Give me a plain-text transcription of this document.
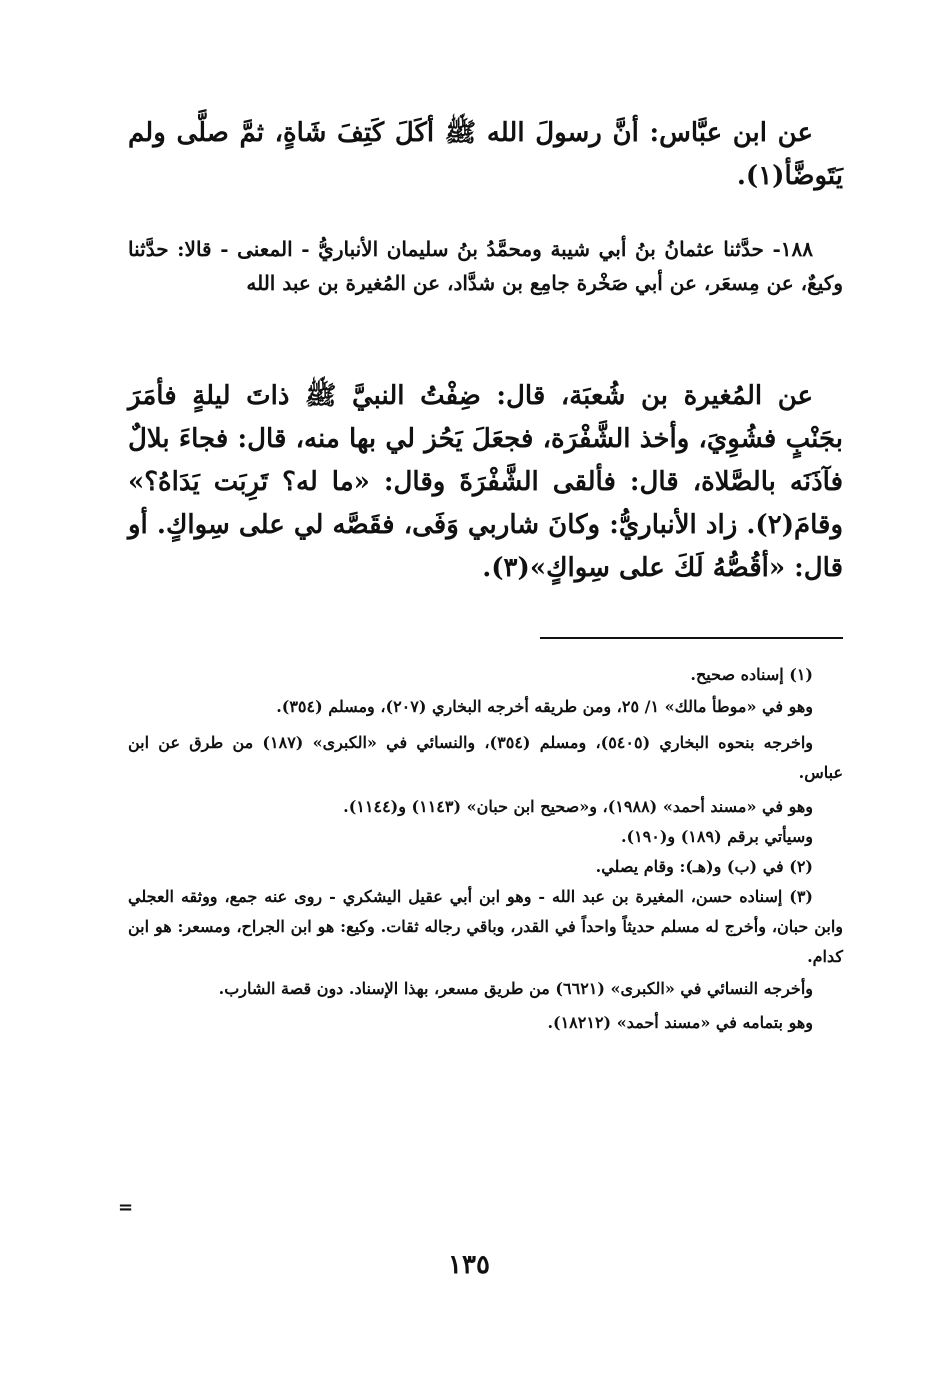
عن ابن عبَّاس: أنَّ رسولَ الله ﷺ أكَلَ كَتِفَ شَاةٍ، ثمَّ صلَّى ولم يَتَوضَّأ(١).

١٨٨- حدَّثنا عثمانُ بنُ أبي شيبة ومحمَّدُ بنُ سليمان الأنباريُّ - المعنى - قالا: حدَّثنا وكيعٌ، عن مِسعَر، عن أبي صَخْرة جامِع بن شدَّاد، عن المُغيرة بن عبد الله

عن المُغيرة بن شُعبَة، قال: ضِفْتُ النبيَّ ﷺ ذاتَ ليلةٍ فأمَرَ بجَنْبٍ فشُوِيَ، وأخذ الشَّفْرَة، فجعَلَ يَحُز لي بها منه، قال: فجاءَ بلالٌ فآذَنَه بالصَّلاة، قال: فألقى الشَّفْرَةَ وقال: «ما له؟ تَرِبَت يَدَاهُ؟» وقامَ(٢). زاد الأنباريُّ: وكانَ شاربي وَفَى، فقَصَّه لي على سِواكٍ. أو قال: «أقُصُّهُ لَكَ على سِواكٍ»(٣).

(١) إسناده صحيح.

وهو في «موطأ مالك» ١/ ٢٥، ومن طريقه أخرجه البخاري (٢٠٧)، ومسلم (٣٥٤).

واخرجه بنحوه البخاري (٥٤٠٥)، ومسلم (٣٥٤)، والنسائي في «الكبرى» (١٨٧) من طرق عن ابن عباس.

وهو في «مسند أحمد» (١٩٨٨)، و«صحيح ابن حبان» (١١٤٣) و(١١٤٤).

وسيأتي برقم (١٨٩) و(١٩٠).

(٢) في (ب) و(هـ): وقام يصلي.

(٣) إسناده حسن، المغيرة بن عبد الله - وهو ابن أبي عقيل اليشكري - روى عنه جمع، ووثقه العجلي وابن حبان، وأخرج له مسلم حديثاً واحداً في القدر، وباقي رجاله ثقات. وكيع: هو ابن الجراح، ومسعر: هو ابن كدام.

وأخرجه النسائي في «الكبرى» (٦٦٢١) من طريق مسعر، بهذا الإسناد. دون قصة الشارب.

وهو بتمامه في «مسند أحمد» (١٨٢١٢).

=
١٣٥
